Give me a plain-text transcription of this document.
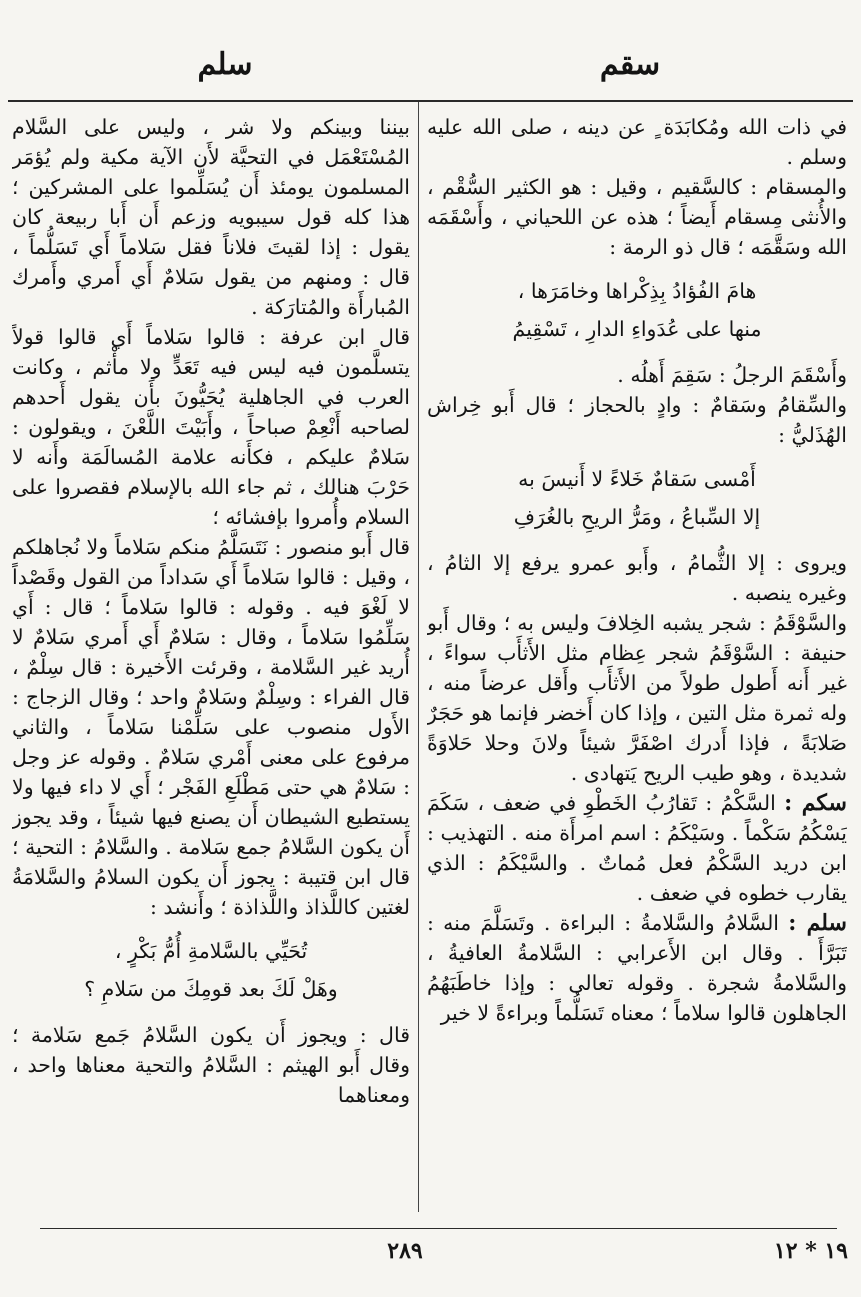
سقم
سلم

في ذات الله ومُكابَدَة ٍ عن دينه ، صلى الله عليه وسلم .

والمسقام : كالسَّقيم ، وقيل : هو الكثير السُّقْم ، والأُنثى مِسقام أَيضاً ؛ هذه عن اللحياني ، وأَسْقَمَه الله وسَقَّمَه ؛ قال ذو الرمة :

هامَ الفُؤادُ بِذِكْراها وخامَرَها ،
منها على عُدَواءِ الدارِ ، تَسْقِيمُ

وأَسْقَمَ الرجلُ : سَقِمَ أَهلُه .

والسِّقامُ وسَقامٌ : وادٍ بالحجاز ؛ قال أَبو خِراش الهُذَليُّ :

أَمْسى سَقامٌ خَلاءً لا أَنيسَ به
إلا السِّباعُ ، ومَرُّ الريحِ بالغُرَفِ

ويروى : إلا الثُّمامُ ، وأَبو عمرو يرفع إلا الثامُ ، وغيره ينصبه .

والسَّوْقَمُ : شجر يشبه الخِلافَ وليس به ؛ وقال أَبو حنيفة : السَّوْقَمُ شجر عِظام مثل الأَثأَب سواءً ، غير أَنه أَطول طولاً من الأَثأَب وأَقل عرضاً منه ، وله ثمرة مثل التين ، وإذا كان أَخضر فإنما هو حَجَرٌ صَلابَةً ، فإذا أَدرك اصْفَرَّ شيئاً ولانَ وحلا حَلاوَةً شديدة ، وهو طيب الريح يَتهادى .

سكم : السَّكْمُ : تَقارُبُ الخَطْوِ في ضعف ، سَكَمَ يَسْكُمُ سَكْماً . وسَيْكَمُ : اسم امرأَة منه . التهذيب : ابن دريد السَّكْمُ فعل مُماتٌ . والسَّيْكَمُ : الذي يقارب خطوه في ضعف .

سلم : السَّلامُ والسَّلامةُ : البراءة . وتَسَلَّمَ منه : تَبَرَّأَ . وقال ابن الأَعرابي : السَّلامةُ العافيةُ ، والسَّلامةُ شجرة . وقوله تعالى : وإذا خاطَبَهُمُ الجاهلون قالوا سلاماً ؛ معناه تَسَلُّماً وبراءةً لا خير

بيننا وبينكم ولا شر ، وليس على السَّلام المُسْتَعْمَل في التحيَّة لأَن الآية مكية ولم يُؤمَر المسلمون يومئذ أَن يُسَلِّموا على المشركين ؛ هذا كله قول سيبويه وزعم أَن أَبا ربيعة كان يقول : إذا لقيتَ فلاناً فقل سَلاماً أَي تَسَلُّماً ، قال : ومنهم من يقول سَلامٌ أَي أَمري وأَمرك المُبارأَة والمُتارَكة .

قال ابن عرفة : قالوا سَلاماً أَي قالوا قولاً يتسلَّمون فيه ليس فيه تَعَدٍّ ولا مأْثم ، وكانت العرب في الجاهلية يُحَيُّونَ بأَن يقول أَحدهم لصاحبه أَنْعِمْ صباحاً ، وأَبَيْتَ اللَّعْنَ ، ويقولون : سَلامٌ عليكم ، فكأَنه علامة المُسالَمَة وأَنه لا حَرْبَ هنالك ، ثم جاء الله بالإسلام فقصروا على السلام وأُمروا بإفشائه ؛

قال أَبو منصور : نَتَسَلَّمُ منكم سَلاماً ولا نُجاهلكم ، وقيل : قالوا سَلاماً أَي سَداداً من القول وقَصْداً لا لَغْوَ فيه . وقوله : قالوا سَلاماً ؛ قال : أَي سَلِّمُوا سَلاماً ، وقال : سَلامٌ أَي أَمري سَلامٌ لا أُريد غير السَّلامة ، وقرئت الأَخيرة : قال سِلْمٌ ، قال الفراء : وسِلْمٌ وسَلامٌ واحد ؛ وقال الزجاج : الأَول منصوب على سَلِّمْنا سَلاماً ، والثاني مرفوع على معنى أَمْري سَلامٌ . وقوله عز وجل : سَلامٌ هي حتى مَطْلَعِ الفَجْر ؛ أَي لا داء فيها ولا يستطيع الشيطان أَن يصنع فيها شيئاً ، وقد يجوز أَن يكون السَّلامُ جمع سَلامة . والسَّلامُ : التحية ؛ قال ابن قتيبة : يجوز أَن يكون السلامُ والسَّلامَةُ لغتين كاللَّذاذ واللَّذاذة ؛ وأَنشد :

تُحَيِّي بالسَّلامةِ أُمُّ بَكْرٍ ،
وهَلْ لَكَ بعد قومِكَ من سَلامِ ؟

قال : ويجوز أَن يكون السَّلامُ جَمع سَلامة ؛ وقال أَبو الهيثم : السَّلامُ والتحية معناها واحد ، ومعناهما

٢٨٩	١٩ * ١٢
